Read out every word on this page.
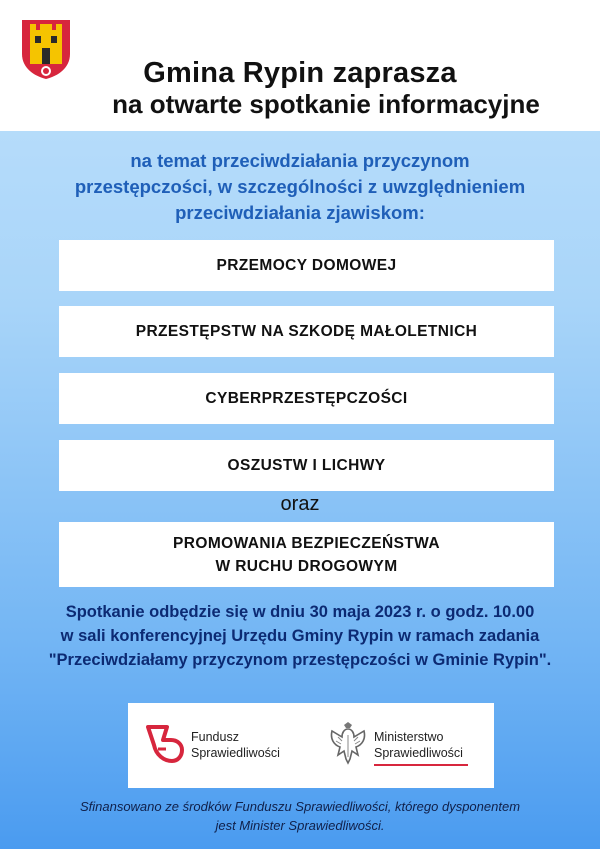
Gmina Rypin zaprasza
na otwarte spotkanie informacyjne
na temat przeciwdziałania przyczynom
przestępczości, w szczególności z uwzględnieniem
przeciwdziałania zjawiskom:
PRZEMOCY DOMOWEJ
PRZESTĘPSTW NA SZKODĘ MAŁOLETNICH
CYBERPRZESTĘPCZOŚCI
OSZUSTW I LICHWY
oraz
PROMOWANIA BEZPIECZEŃSTWA
W RUCHU DROGOWYM
Spotkanie odbędzie się w dniu 30 maja 2023 r. o godz. 10.00
w sali konferencyjnej Urzędu Gminy Rypin w ramach zadania
"Przeciwdziałamy przyczynom przestępczości w Gminie Rypin".
Fundusz
Sprawiedliwości
Ministerstwo
Sprawiedliwości
Sfinansowano ze środków Funduszu Sprawiedliwości, którego dysponentem
jest Minister Sprawiedliwości.
